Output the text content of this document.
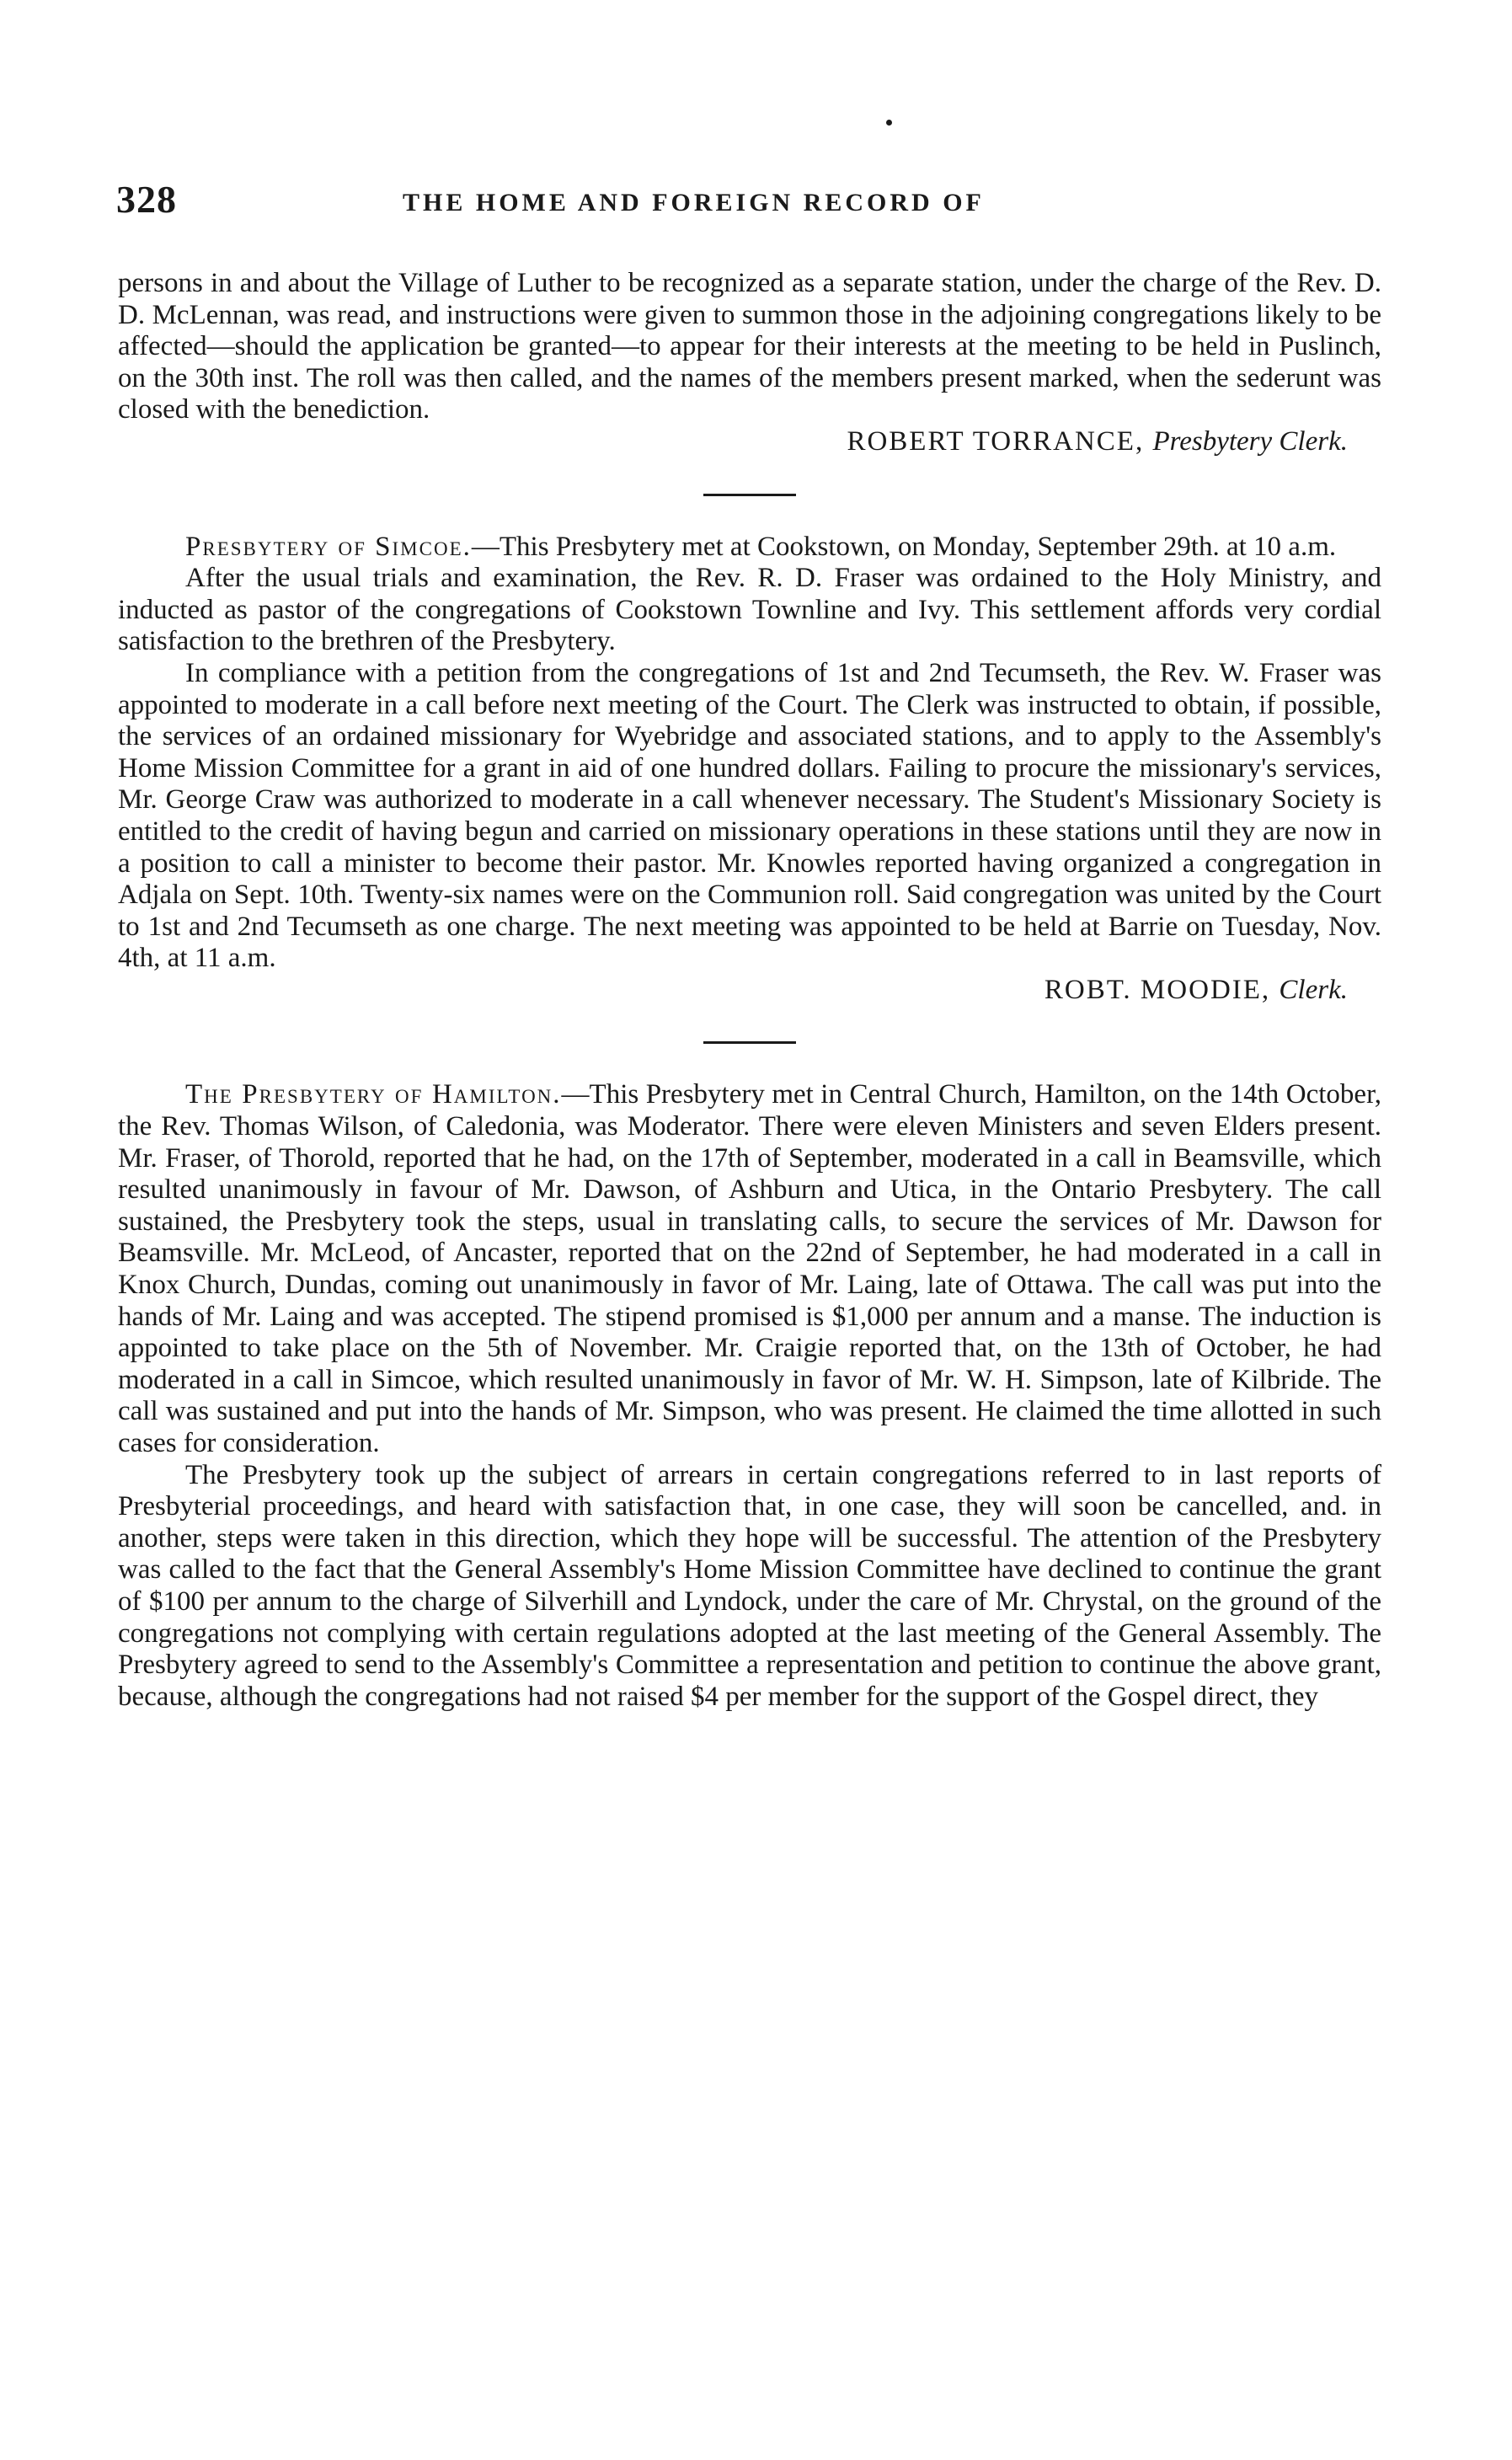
328	THE HOME AND FOREIGN RECORD OF

persons in and about the Village of Luther to be recognized as a separate station, under the charge of the Rev. D. D. McLennan, was read, and instructions were given to summon those in the adjoining congregations likely to be affected—should the application be granted—to appear for their interests at the meeting to be held in Puslinch, on the 30th inst. The roll was then called, and the names of the members present marked, when the sederunt was closed with the benediction.

ROBERT TORRANCE, Presbytery Clerk.

Presbytery of Simcoe.—This Presbytery met at Cookstown, on Monday, September 29th. at 10 a.m.

After the usual trials and examination, the Rev. R. D. Fraser was ordained to the Holy Ministry, and inducted as pastor of the congregations of Cookstown Townline and Ivy. This settlement affords very cordial satisfaction to the brethren of the Presbytery.

In compliance with a petition from the congregations of 1st and 2nd Tecumseth, the Rev. W. Fraser was appointed to moderate in a call before next meeting of the Court. The Clerk was instructed to obtain, if possible, the services of an ordained missionary for Wyebridge and associated stations, and to apply to the Assembly's Home Mission Committee for a grant in aid of one hundred dollars. Failing to procure the missionary's services, Mr. George Craw was authorized to moderate in a call whenever necessary. The Student's Missionary Society is entitled to the credit of having begun and carried on missionary operations in these stations until they are now in a position to call a minister to become their pastor. Mr. Knowles reported having organized a congregation in Adjala on Sept. 10th. Twenty-six names were on the Communion roll. Said congregation was united by the Court to 1st and 2nd Tecumseth as one charge. The next meeting was appointed to be held at Barrie on Tuesday, Nov. 4th, at 11 a.m.

ROBT. MOODIE, Clerk.

The Presbytery of Hamilton.—This Presbytery met in Central Church, Hamilton, on the 14th October, the Rev. Thomas Wilson, of Caledonia, was Moderator. There were eleven Ministers and seven Elders present. Mr. Fraser, of Thorold, reported that he had, on the 17th of September, moderated in a call in Beamsville, which resulted unanimously in favour of Mr. Dawson, of Ashburn and Utica, in the Ontario Presbytery. The call sustained, the Presbytery took the steps, usual in translating calls, to secure the services of Mr. Dawson for Beamsville. Mr. McLeod, of Ancaster, reported that on the 22nd of September, he had moderated in a call in Knox Church, Dundas, coming out unanimously in favor of Mr. Laing, late of Ottawa. The call was put into the hands of Mr. Laing and was accepted. The stipend promised is $1,000 per annum and a manse. The induction is appointed to take place on the 5th of November. Mr. Craigie reported that, on the 13th of October, he had moderated in a call in Simcoe, which resulted unanimously in favor of Mr. W. H. Simpson, late of Kilbride. The call was sustained and put into the hands of Mr. Simpson, who was present. He claimed the time allotted in such cases for consideration.

The Presbytery took up the subject of arrears in certain congregations referred to in last reports of Presbyterial proceedings, and heard with satisfaction that, in one case, they will soon be cancelled, and. in another, steps were taken in this direction, which they hope will be successful. The attention of the Presbytery was called to the fact that the General Assembly's Home Mission Committee have declined to continue the grant of $100 per annum to the charge of Silverhill and Lyndock, under the care of Mr. Chrystal, on the ground of the congregations not complying with certain regulations adopted at the last meeting of the General Assembly. The Presbytery agreed to send to the Assembly's Committee a representation and petition to continue the above grant, because, although the congregations had not raised $4 per member for the support of the Gospel direct, they
